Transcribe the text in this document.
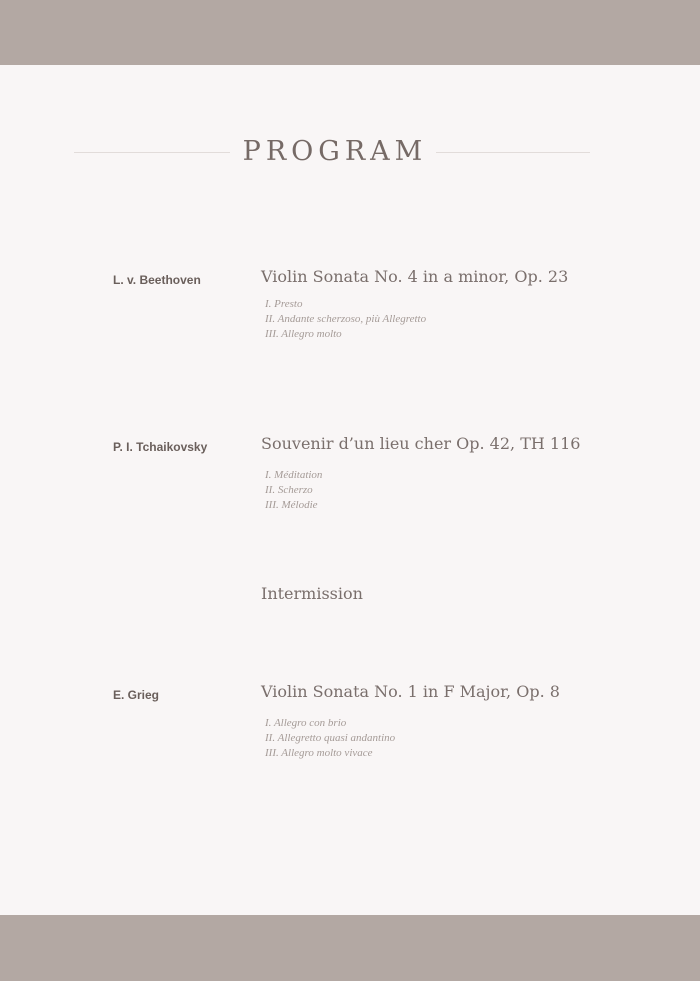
PROGRAM
L. v. Beethoven	Violin Sonata No. 4 in a minor, Op. 23
I. Presto
II. Andante scherzoso, più Allegretto
III. Allegro molto
P. I. Tchaikovsky	Souvenir d’un lieu cher Op. 42, TH 116
I. Méditation
II. Scherzo
III. Mélodie
Intermission
E. Grieg	Violin Sonata No. 1 in F Major, Op. 8
I. Allegro con brio
II. Allegretto quasi andantino
III. Allegro molto vivace
